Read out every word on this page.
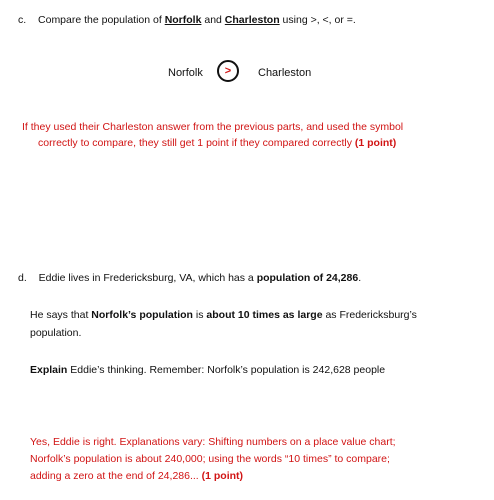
c. Compare the population of Norfolk and Charleston using >, <, or =.
Norfolk > Charleston
If they used their Charleston answer from the previous parts, and used the symbol
correctly to compare, they still get 1 point if they compared correctly (1 point)
d. Eddie lives in Fredericksburg, VA, which has a population of 24,286.
He says that Norfolk’s population is about 10 times as large as Fredericksburg’s
population.
Explain Eddie’s thinking. Remember: Norfolk’s population is 242,628 people
Yes, Eddie is right. Explanations vary: Shifting numbers on a place value chart;
Norfolk’s population is about 240,000; using the words “10 times” to compare;
adding a zero at the end of 24,286... (1 point)
